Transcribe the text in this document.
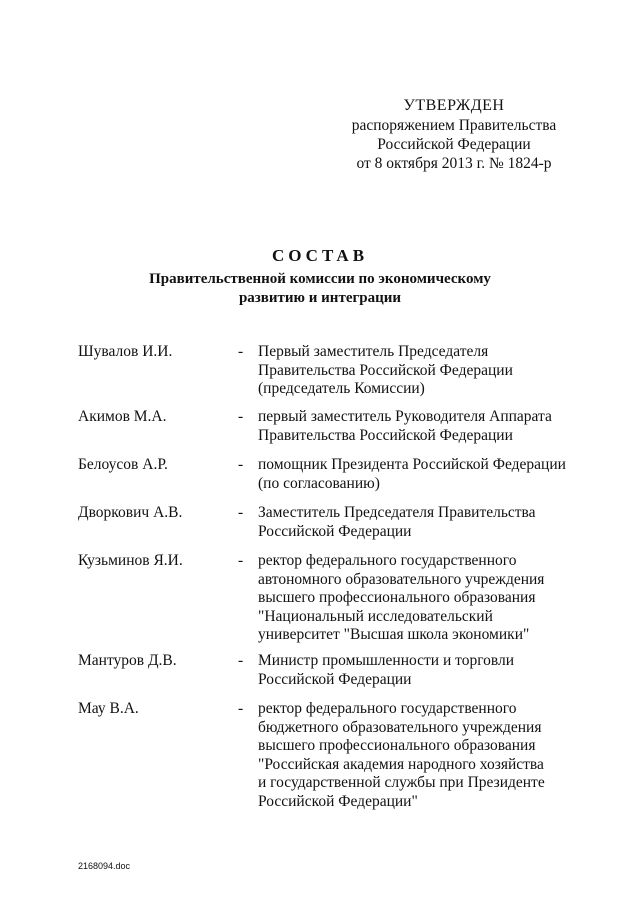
УТВЕРЖДЕН
распоряжением Правительства
Российской Федерации
от 8 октября 2013 г. № 1824-р
СОСТАВ
Правительственной комиссии по экономическому
развитию и интеграции
Шувалов И.И.	- Первый заместитель Председателя
Правительства Российской Федерации
(председатель Комиссии)
Акимов М.А.	- первый заместитель Руководителя Аппарата
Правительства Российской Федерации
Белоусов А.Р.	- помощник Президента Российской Федерации
(по согласованию)
Дворкович А.В.	- Заместитель Председателя Правительства
Российской Федерации
Кузьминов Я.И.	- ректор федерального государственного
автономного образовательного учреждения
высшего профессионального образования
"Национальный исследовательский
университет "Высшая школа экономики"
Мантуров Д.В.	- Министр промышленности и торговли
Российской Федерации
Мау В.А.	- ректор федерального государственного
бюджетного образовательного учреждения
высшего профессионального образования
"Российская академия народного хозяйства
и государственной службы при Президенте
Российской Федерации"
2168094.doc
